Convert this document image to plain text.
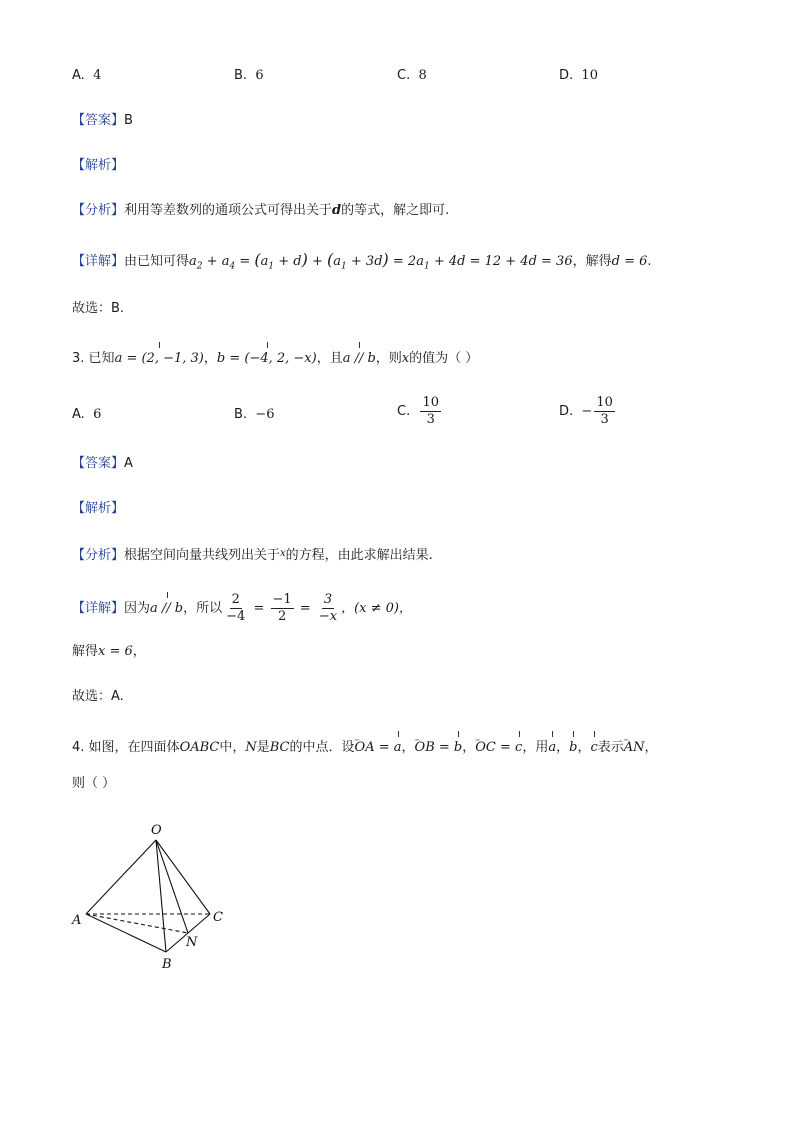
A. 4	B. 6	C. 8	D. 10
【答案】B
【解析】
【分析】利用等差数列的通项公式可得出关于d的等式，解之即可.
【详解】由已知可得$a_2 + a_4 = (a_1 + d) + (a_1 + 3d) = 2a_1 + 4d = 12 + 4d = 36$，解得d = 6.
故选：B.
3. 已知a = (2, −1, 3)，b = (−4, 2, −x)，且a // b，则x的值为（ ）
A. 6	B. −6	C. $\frac{10}{3}$	D. − $\frac{10}{3}$
【答案】A
【解析】
【分析】根据空间向量共线列出关于$^x$的方程，由此求解出结果.
【详解】因为a // b，所以 $\frac{2}{-4} = \frac{-1}{2} = \frac{3}{-x}$ ，(x ≠ 0)，
解得x = 6，
故选：A.
4. 如图，在四面体OABC中，N是BC的中点．设ꞈꞈꞈ OA = a，ꞈꞈꞈ OB = b，ꞈꞈꞈ OC = c，用a，b，c表示ꞈꞈꞈ AN，
则（ ）
O
A
B
C
N
